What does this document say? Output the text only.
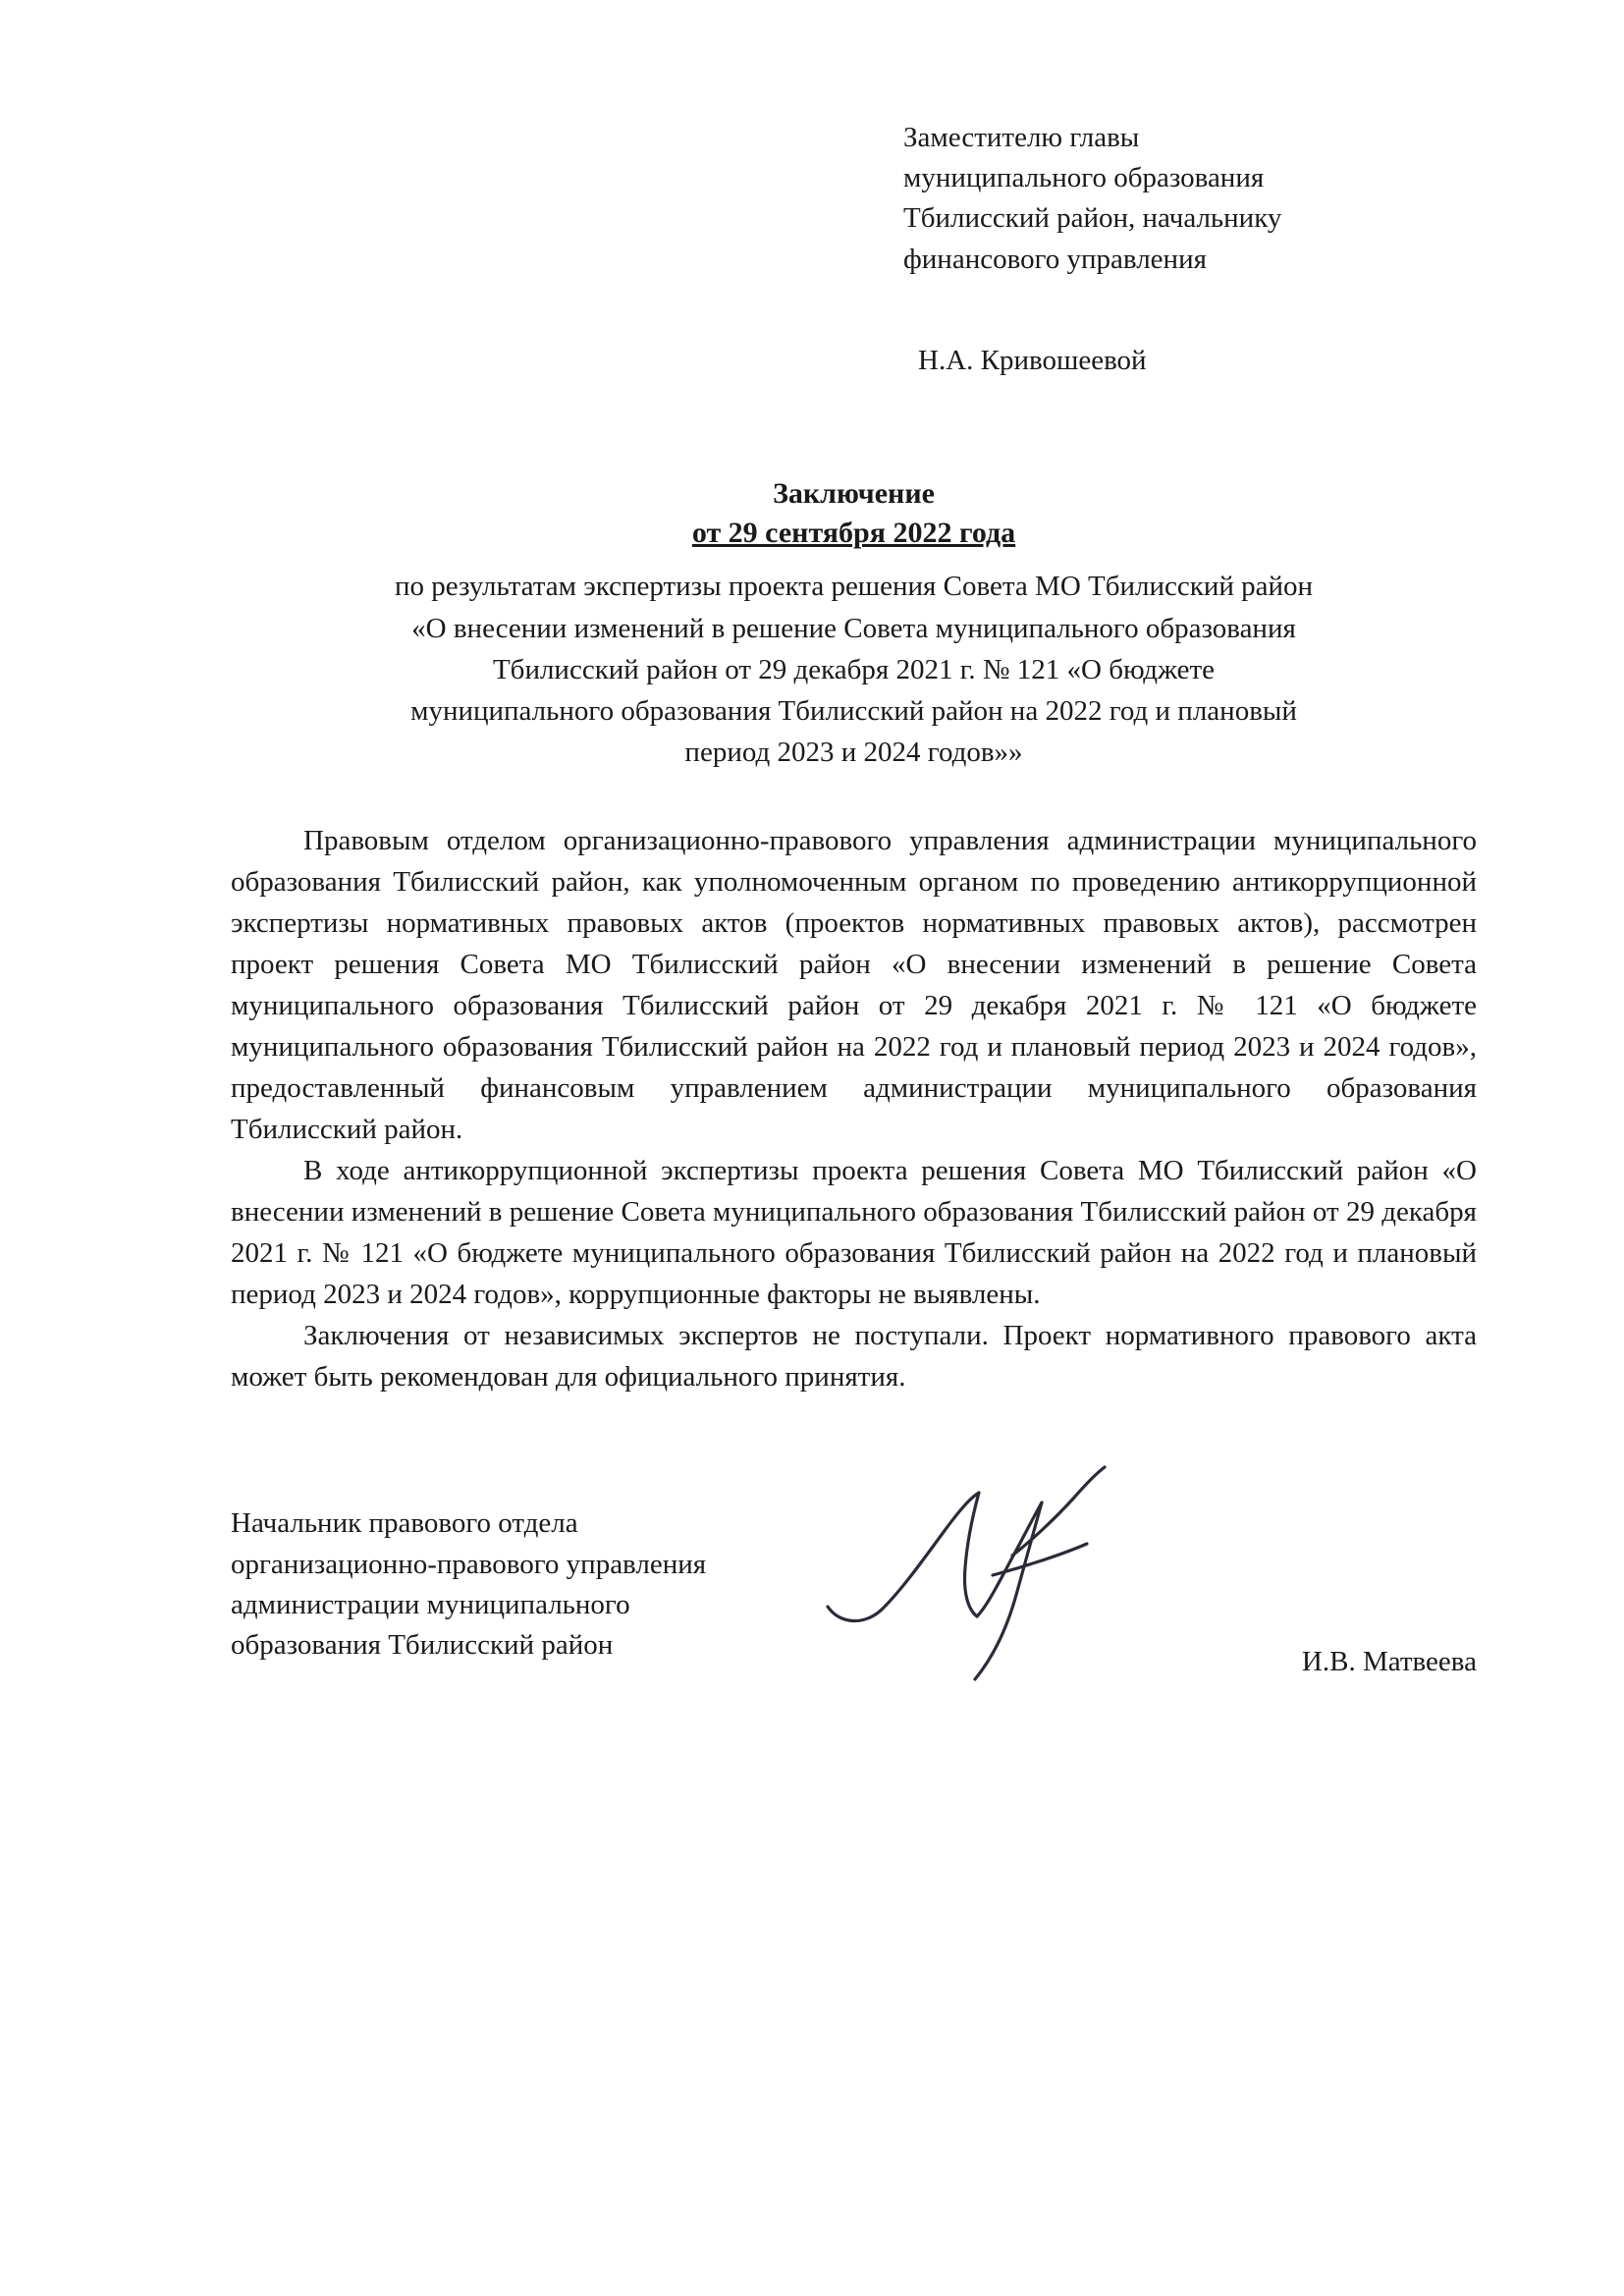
Заместителю главы
муниципального образования
Тбилисский район, начальнику
финансового управления
Н.А. Кривошеевой
Заключение
от 29 сентября 2022 года
по результатам экспертизы проекта решения Совета МО Тбилисский район
«О внесении изменений в решение Совета муниципального образования
Тбилисский район от 29 декабря 2021 г. № 121 «О бюджете
муниципального образования Тбилисский район на 2022 год и плановый
период 2023 и 2024 годов»»

Правовым отделом организационно-правового управления администрации муниципального образования Тбилисский район, как уполномоченным органом по проведению антикоррупционной экспертизы нормативных правовых актов (проектов нормативных правовых актов), рассмотрен проект решения Совета МО Тбилисский район «О внесении изменений в решение Совета муниципального образования Тбилисский район от 29 декабря 2021 г. № 121 «О бюджете муниципального образования Тбилисский район на 2022 год и плановый период 2023 и 2024 годов», предоставленный финансовым управлением администрации муниципального образования Тбилисский район.

В ходе антикоррупционной экспертизы проекта решения Совета МО Тбилисский район «О внесении изменений в решение Совета муниципального образования Тбилисский район от 29 декабря 2021 г. № 121 «О бюджете муниципального образования Тбилисский район на 2022 год и плановый период 2023 и 2024 годов», коррупционные факторы не выявлены.

Заключения от независимых экспертов не поступали. Проект нормативного правового акта может быть рекомендован для официального принятия.

Начальник правового отдела
организационно-правового управления
администрации муниципального
образования Тбилисский район
И.В. Матвеева
